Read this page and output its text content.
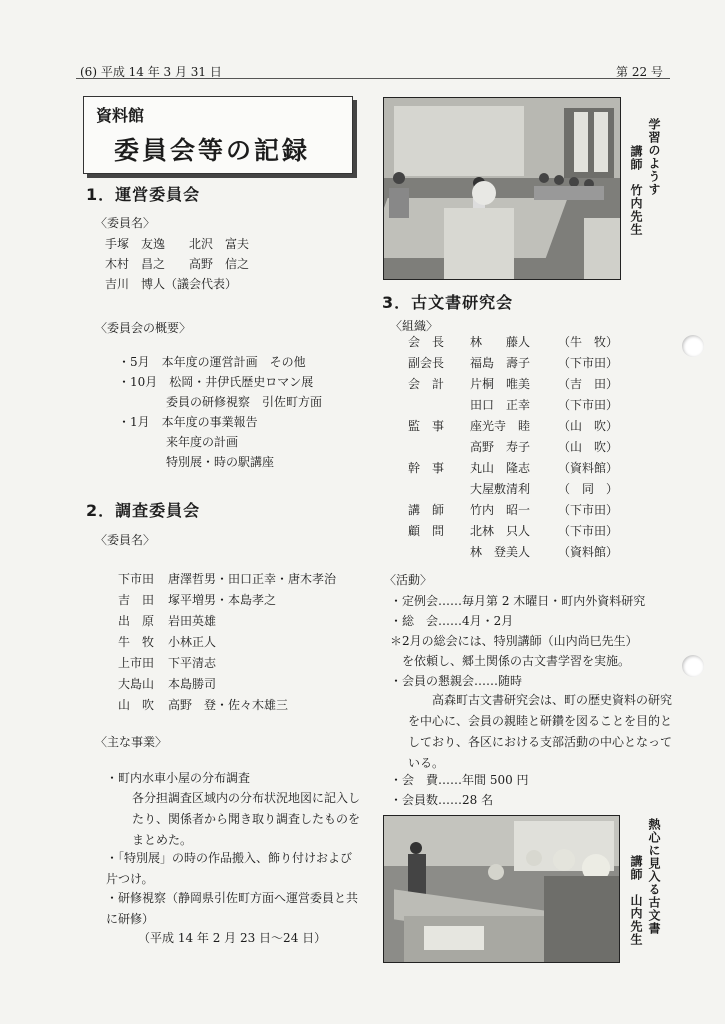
(6) 平成 14 年 3 月 31 日	第 22 号
資料館
委員会等の記録
1．運営委員会
〈委員名〉
手塚　友逸　　北沢　富夫
木村　昌之　　高野　信之
吉川　博人（議会代表）
〈委員会の概要〉
・5月　本年度の運営計画　その他
・10月　松岡・井伊氏歴史ロマン展
　　　　委員の研修視察　引佐町方面
・1月　本年度の事業報告
　　　　来年度の計画
　　　　特別展・時の駅講座
2．調査委員会
〈委員名〉
下市田	唐澤哲男・田口正幸・唐木孝治
吉　田	塚平増男・本島孝之
出　原	岩田英雄
牛　牧	小林正人
上市田	下平清志
大島山	本島勝司
山　吹	高野　登・佐々木雄三
〈主な事業〉
・町内水車小屋の分布調査
各分担調査区域内の分布状況地図に記入したり、関係者から聞き取り調査したものをまとめた。
・「特別展」の時の作品搬入、飾り付けおよび片つけ。
・研修視察（静岡県引佐町方面へ運営委員と共に研修）
（平成 14 年 2 月 23 日～24 日）
学習のようす
講師　竹内先生
3．古文書研究会
〈組織〉
会　長	林　　藤人	（牛　牧）
副会長	福島　壽子	（下市田）
会　計	片桐　唯美	（吉　田）
	田口　正幸	（下市田）
監　事	座光寺　睦	（山　吹）
	高野　寿子	（山　吹）
幹　事	丸山　隆志	（資料館）
	大屋敷清利	（　同　）
講　師	竹内　昭一	（下市田）
顧　問	北林　只人	（下市田）
	林　登美人	（資料館）
〈活動〉
・定例会……毎月第 2 木曜日・町内外資料研究
・総　会……4月・2月
＊2月の総会には、特別講師（山内尚巳先生）
　を依頼し、郷土関係の古文書学習を実施。
・会員の懇親会……随時
高森町古文書研究会は、町の歴史資料の研究を中心に、会員の親睦と研鑽を図ることを目的としており、各区における支部活動の中心となっている。
・会　費……年間 500 円
・会員数……28 名
熱心に見入る古文書
講師　山内先生
